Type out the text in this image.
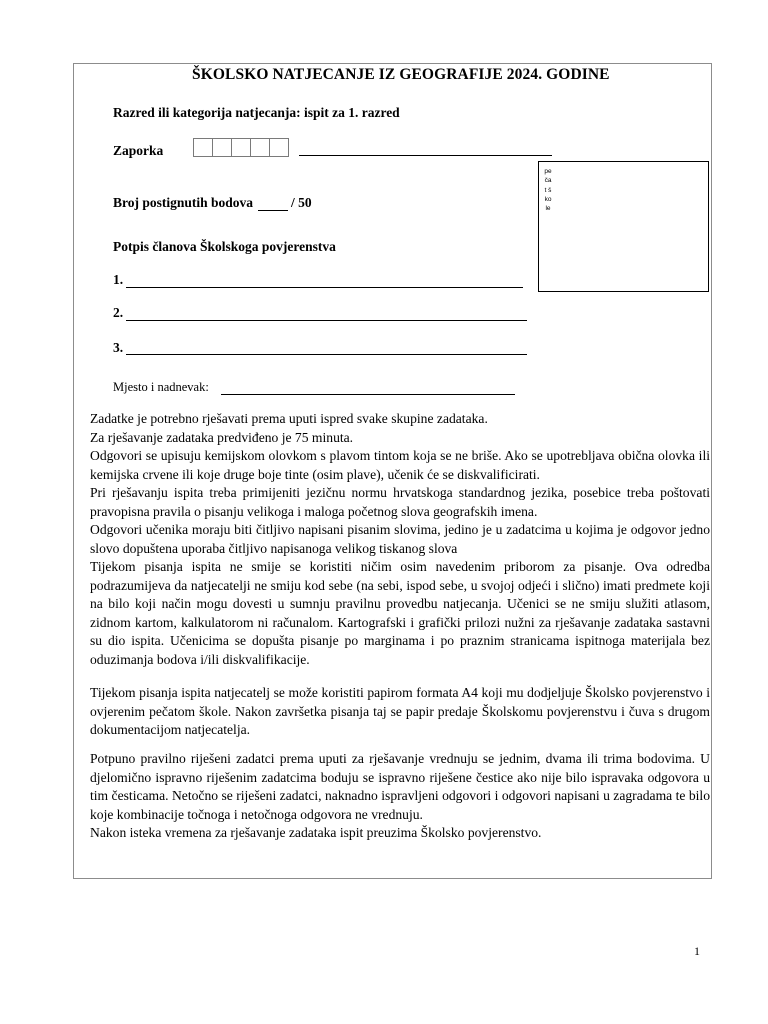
ŠKOLSKO NATJECANJE IZ GEOGRAFIJE 2024. GODINE
Razred ili kategorija natjecanja: ispit za 1. razred
Zaporka
pečat škole
Broj postignutih bodova	/ 50
Potpis članova Školskoga povjerenstva
1.
2.
3.
Mjesto i nadnevak:

Zadatke je potrebno rješavati prema uputi ispred svake skupine zadataka.

Za rješavanje zadataka predviđeno je 75 minuta.

Odgovori se upisuju kemijskom olovkom s plavom tintom koja se ne briše. Ako se upotrebljava obična olovka ili kemijska crvene ili koje druge boje tinte (osim plave), učenik će se diskvalificirati.

Pri rješavanju ispita treba primijeniti jezičnu normu hrvatskoga standardnog jezika, posebice treba poštovati pravopisna pravila o pisanju velikoga i maloga početnog slova geografskih imena.

Odgovori učenika moraju biti čitljivo napisani pisanim slovima, jedino je u zadatcima u kojima je odgovor jedno slovo dopuštena uporaba čitljivo napisanoga velikog tiskanog slova

Tijekom pisanja ispita ne smije se koristiti ničim osim navedenim priborom za pisanje. Ova odredba podrazumijeva da natjecatelji ne smiju kod sebe (na sebi, ispod sebe, u svojoj odjeći i slično) imati predmete koji na bilo koji način mogu dovesti u sumnju pravilnu provedbu natjecanja. Učenici se ne smiju služiti atlasom, zidnom kartom, kalkulatorom ni računalom. Kartografski i grafički prilozi nužni za rješavanje zadataka sastavni su dio ispita. Učenicima se dopušta pisanje po marginama i po praznim stranicama ispitnoga materijala bez oduzimanja bodova i/ili diskvalifikacije.

Tijekom pisanja ispita natjecatelj se može koristiti papirom formata A4 koji mu dodjeljuje Školsko povjerenstvo i ovjerenim pečatom škole. Nakon završetka pisanja taj se papir predaje Školskomu povjerenstvu i čuva s drugom dokumentacijom natjecatelja.

Potpuno pravilno riješeni zadatci prema uputi za rješavanje vrednuju se jednim, dvama ili trima bodovima. U djelomično ispravno riješenim zadatcima boduju se ispravno riješene čestice ako nije bilo ispravaka odgovora u tim česticama. Netočno se riješeni zadatci, naknadno ispravljeni odgovori i odgovori napisani u zagradama te bilo koje kombinacije točnoga i netočnoga odgovora ne vrednuju.

Nakon isteka vremena za rješavanje zadataka ispit preuzima Školsko povjerenstvo.

1
